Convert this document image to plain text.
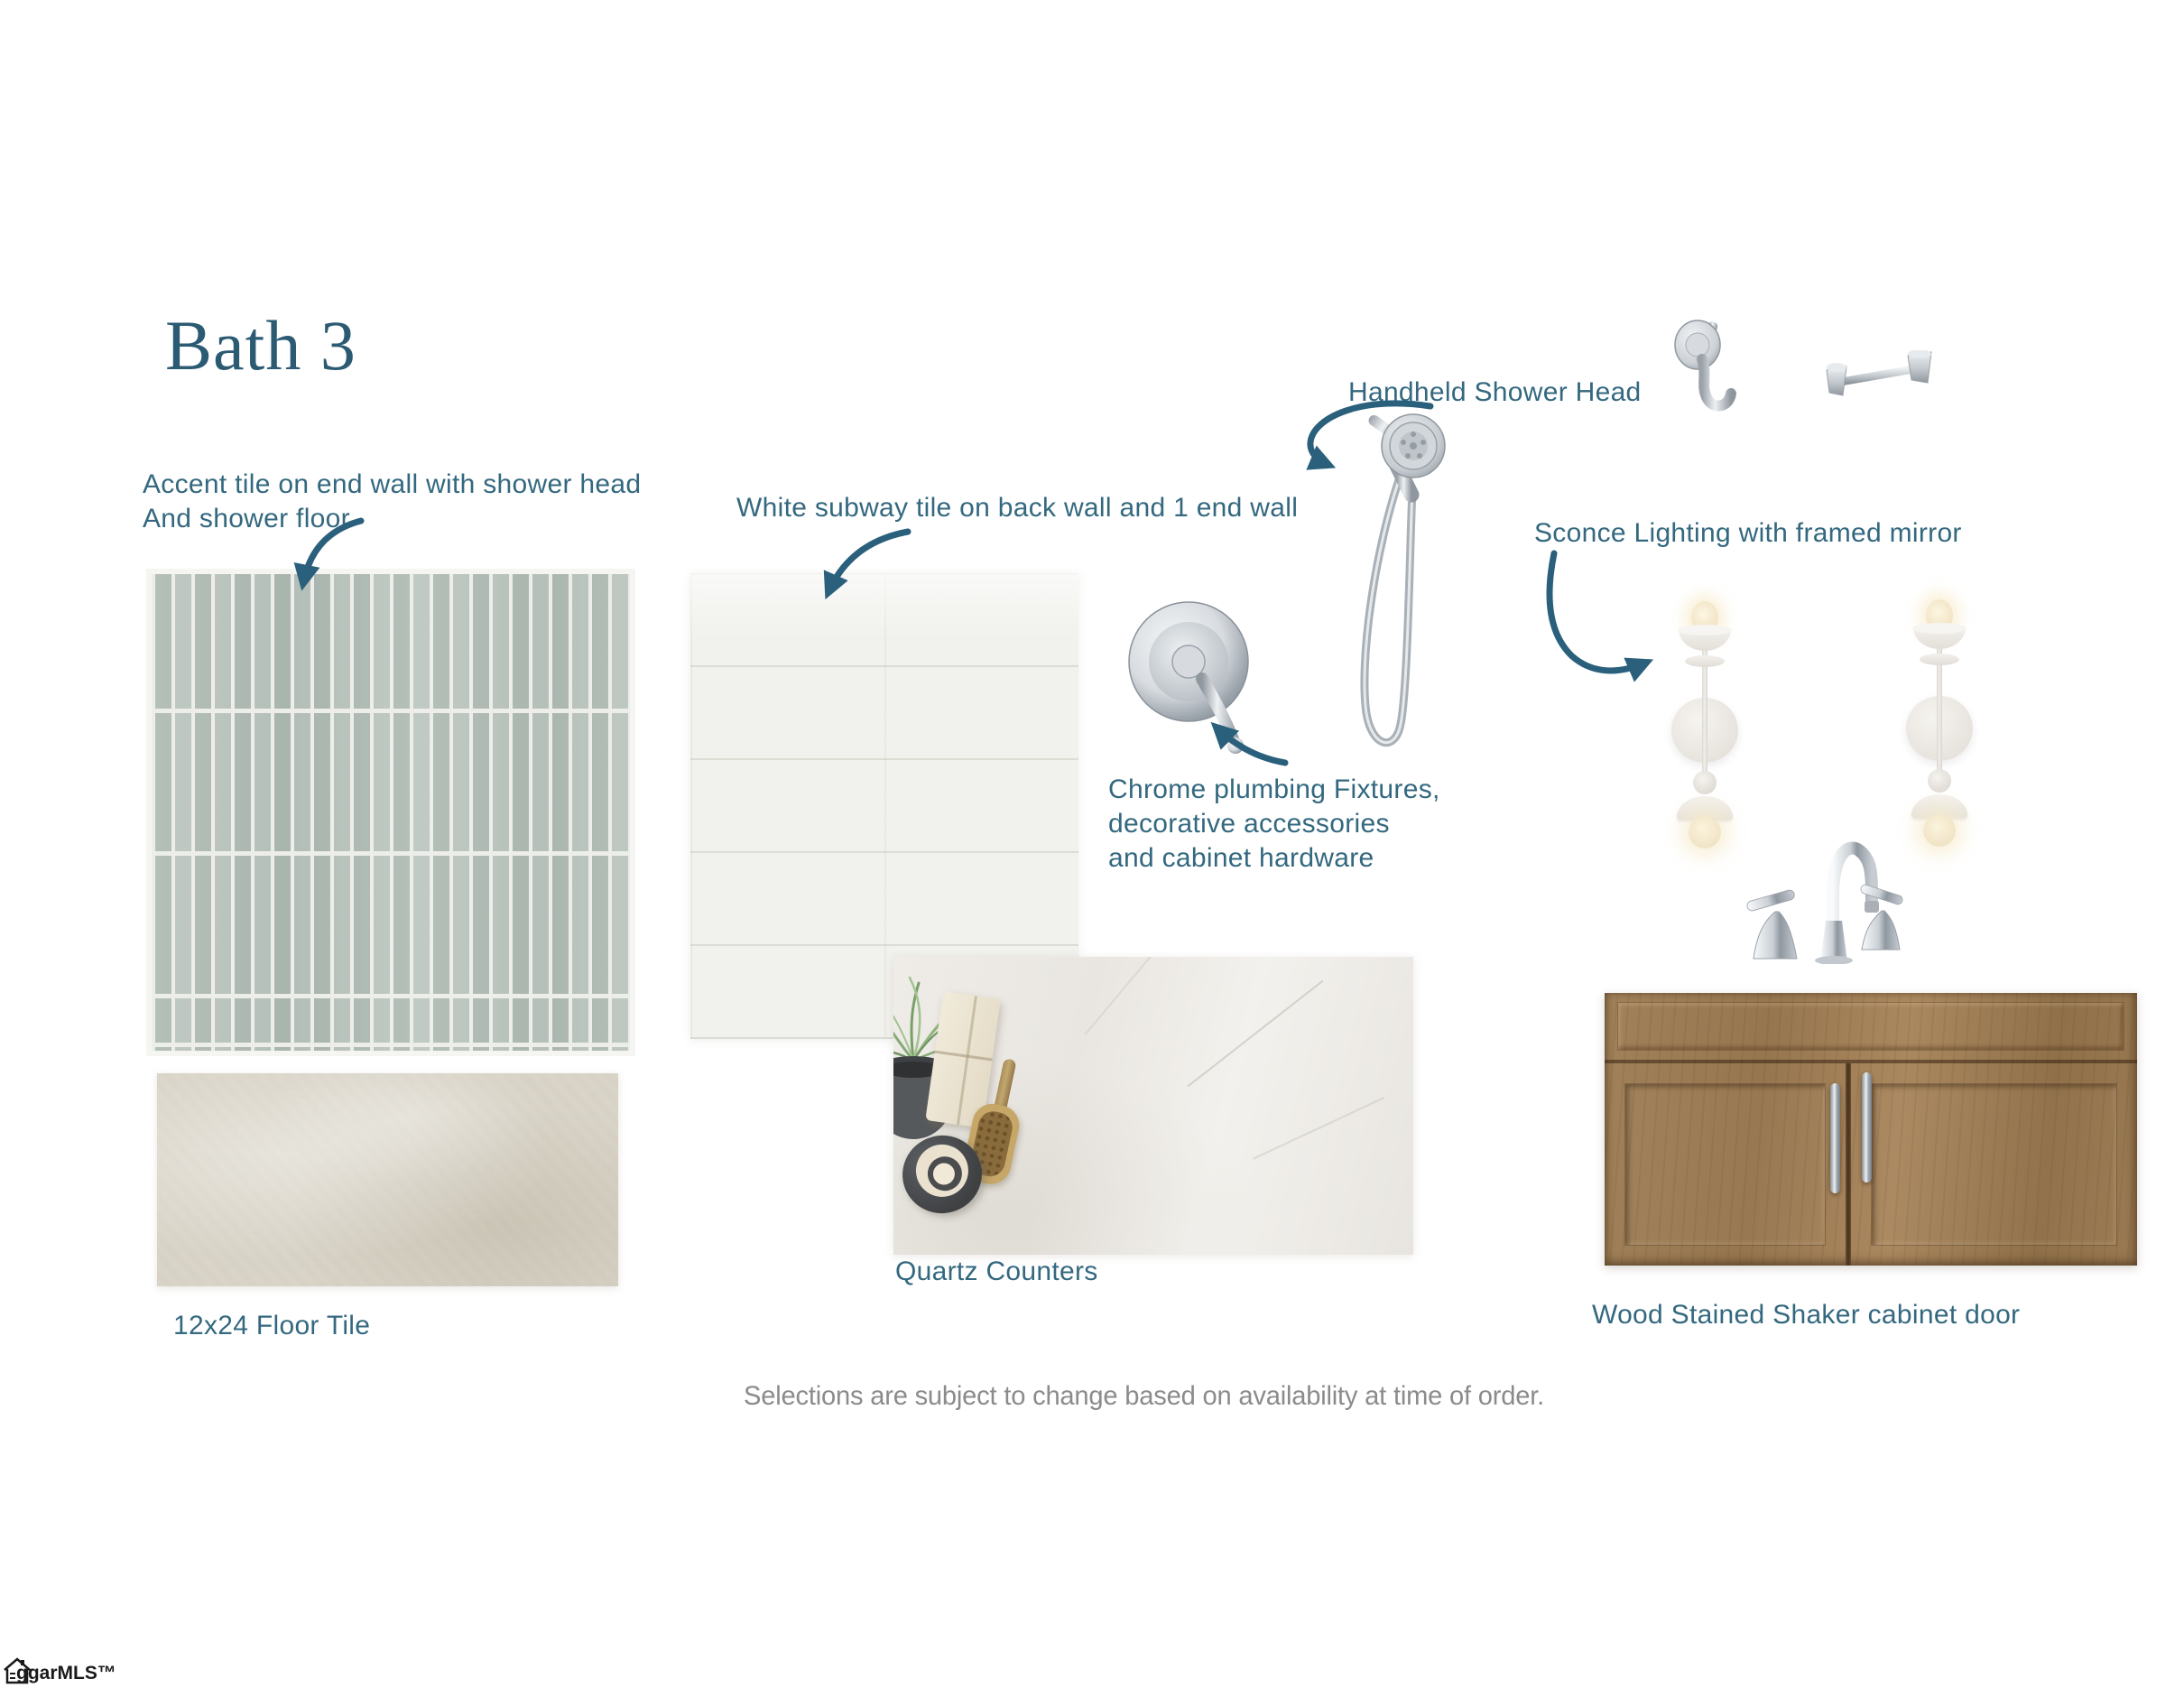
Bath 3
Accent tile on end wall with shower head
And shower floor	White subway tile on back wall and 1 end wall
Handheld Shower Head
Sconce Lighting with framed mirror
Chrome plumbing Fixtures,
decorative accessories
and cabinet hardware
12x24 Floor Tile
Quartz Counters
Wood Stained Shaker cabinet door
Selections are subject to change based on availability at time of order.
ggarMLS™
